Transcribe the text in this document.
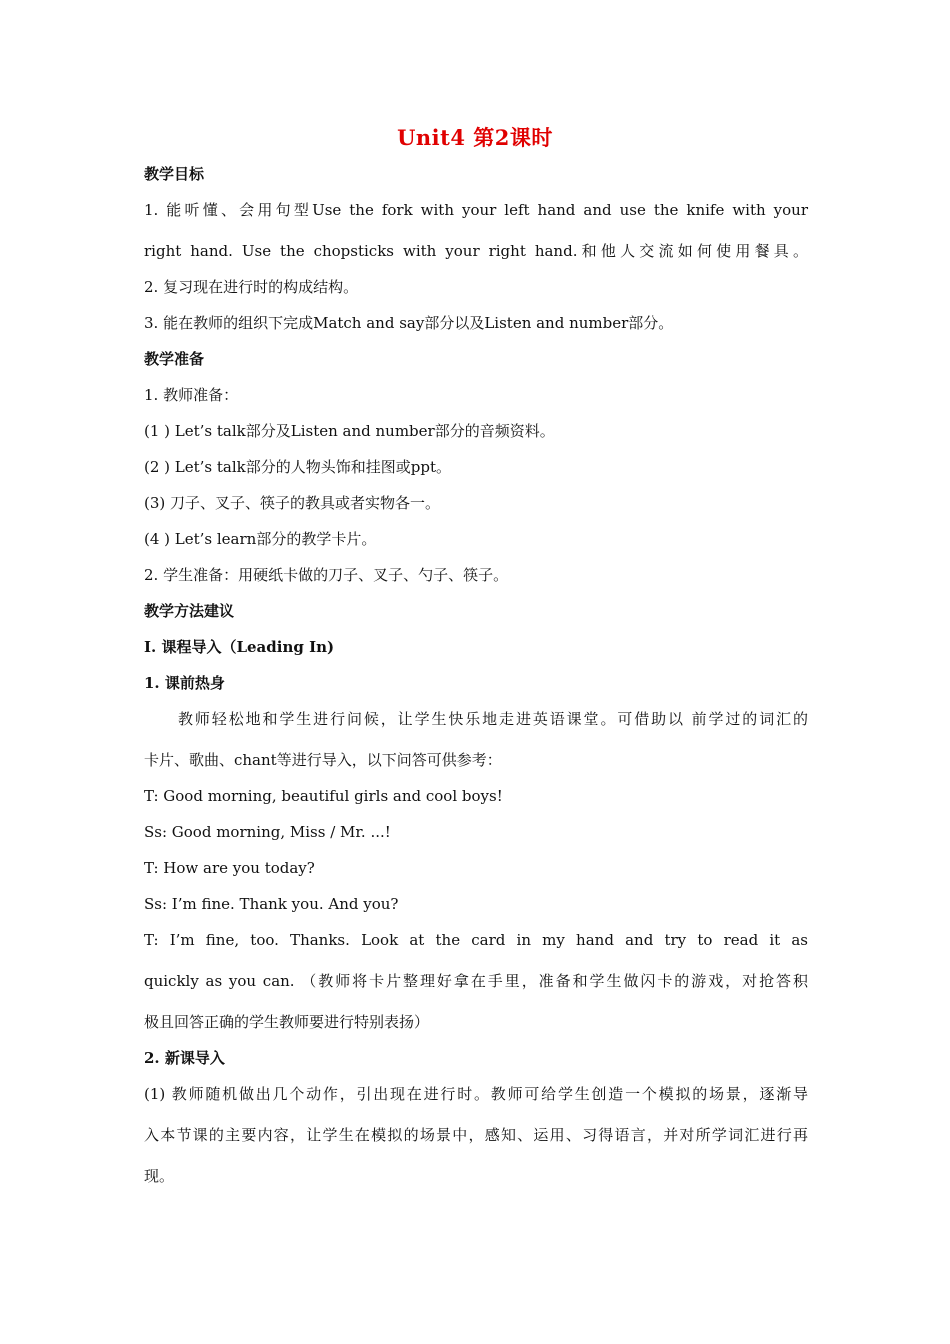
Unit4 第2课时
教学目标
1. 能听懂、会用句型Use the fork with your left hand and use the knife with your
right hand. Use the chopsticks with your right hand.和他人交流如何使用餐具。
2. 复习现在进行时的构成结构。
3. 能在教师的组织下完成Match and say部分以及Listen and number部分。
教学准备
1. 教师准备：
(1 ) Let’s talk部分及Listen and number部分的音频资料。
(2 ) Let’s talk部分的人物头饰和挂图或ppt。
(3) 刀子、叉子、筷子的教具或者实物各一。
(4 ) Let’s learn部分的教学卡片。
2. 学生准备：用硬纸卡做的刀子、叉子、勺子、筷子。
教学方法建议
I. 课程导入（Leading In)
1. 课前热身
教师轻松地和学生进行问候，让学生快乐地走进英语课堂。可借助以 前学过的词汇的
卡片、歌曲、chant等进行导入，以下问答可供参考：
T: Good morning, beautiful girls and cool boys!
Ss: Good morning, Miss / Mr. ...!
T: How are you today?
Ss: I’m fine. Thank you. And you?
T: I’m fine, too. Thanks. Look at the card in my hand and try to read it as
quickly as you can. （教师将卡片整理好拿在手里，准备和学生做闪卡的游戏，对抢答积
极且回答正确的学生教师要进行特别表扬）
2. 新课导入
(1) 教师随机做出几个动作，引出现在进行时。教师可给学生创造一个模拟的场景，逐渐导
入本节课的主要内容，让学生在模拟的场景中，感知、运用、习得语言，并对所学词汇进行再
现。
